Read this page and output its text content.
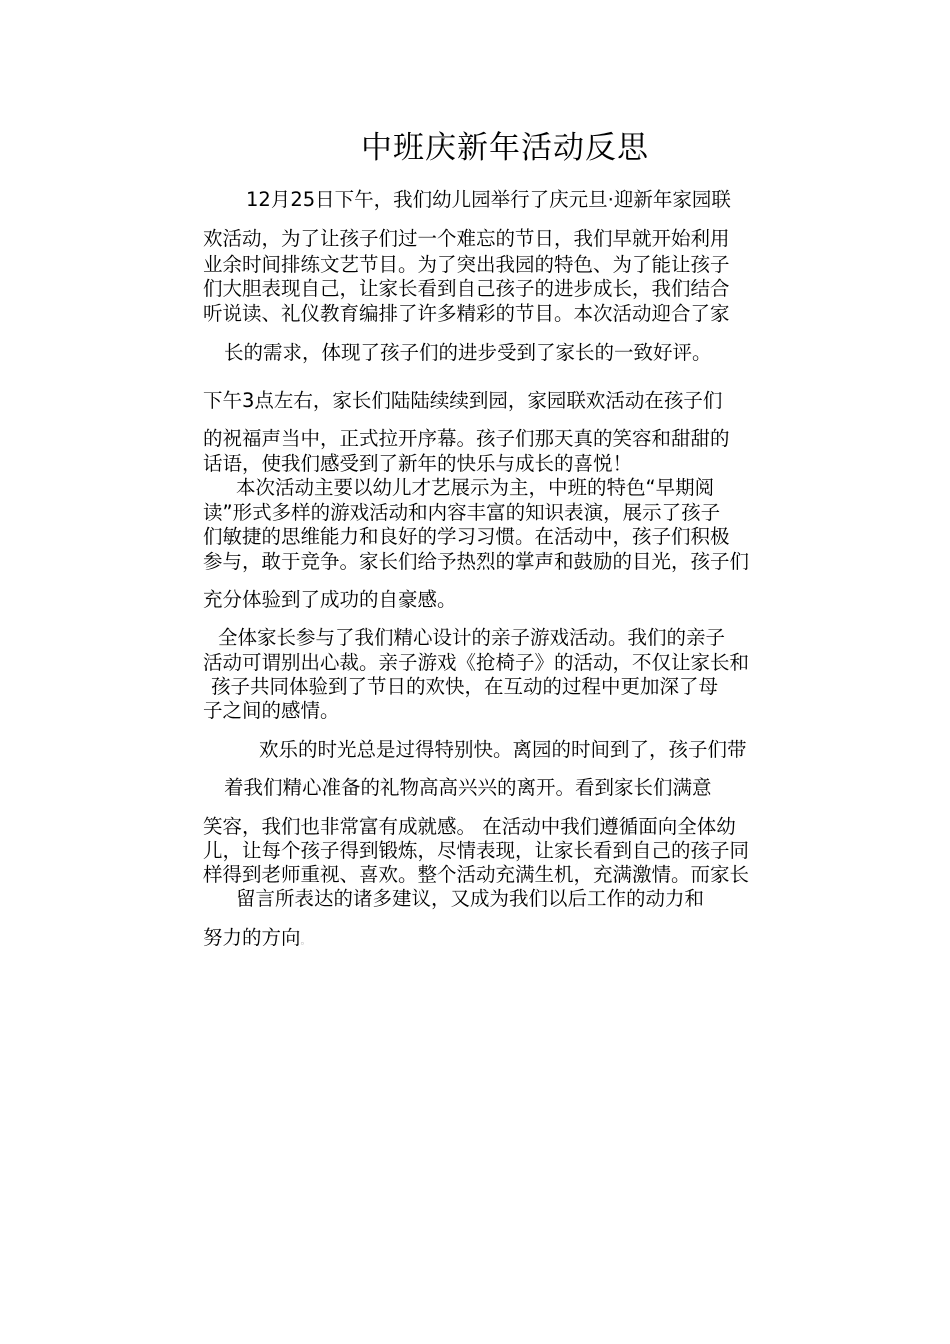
中班庆新年活动反思
12月25日下午，我们幼儿园举行了庆元旦·迎新年家园联
欢活动，为了让孩子们过一个难忘的节日，我们早就开始利用
业余时间排练文艺节目。为了突出我园的特色、为了能让孩子
们大胆表现自己，让家长看到自己孩子的进步成长，我们结合
听说读、礼仪教育编排了许多精彩的节目。本次活动迎合了家
长的需求，体现了孩子们的进步受到了家长的一致好评。
下午3点左右，家长们陆陆续续到园，家园联欢活动在孩子们
的祝福声当中，正式拉开序幕。孩子们那天真的笑容和甜甜的
话语，使我们感受到了新年的快乐与成长的喜悦！
本次活动主要以幼儿才艺展示为主，中班的特色“早期阅
读”形式多样的游戏活动和内容丰富的知识表演，展示了孩子
们敏捷的思维能力和良好的学习习惯。在活动中，孩子们积极
参与，敢于竞争。家长们给予热烈的掌声和鼓励的目光，孩子们
充分体验到了成功的自豪感。
全体家长参与了我们精心设计的亲子游戏活动。我们的亲子
活动可谓别出心裁。亲子游戏《抢椅子》的活动，不仅让家长和
孩子共同体验到了节日的欢快，在互动的过程中更加深了母
子之间的感情。
欢乐的时光总是过得特别快。离园的时间到了，孩子们带
着我们精心准备的礼物高高兴兴的离开。看到家长们满意
笑容，我们也非常富有成就感。 在活动中我们遵循面向全体幼
儿，让每个孩子得到锻炼，尽情表现，让家长看到自己的孩子同
样得到老师重视、喜欢。整个活动充满生机，充满激情。而家长
留言所表达的诸多建议，又成为我们以后工作的动力和
努力的方向。
